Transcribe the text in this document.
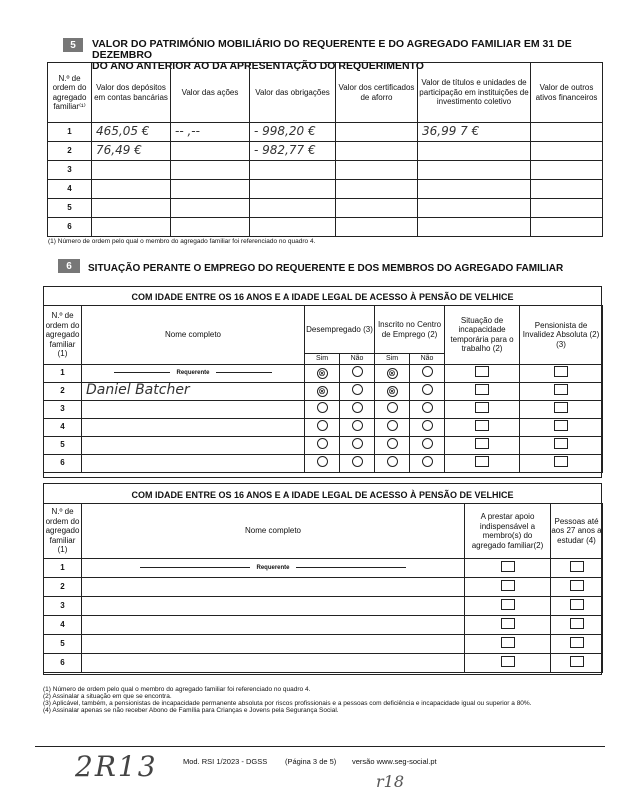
5	VALOR DO PATRIMÓNIO MOBILIÁRIO DO REQUERENTE E DO AGREGADO FAMILIAR EM 31 DE DEZEMBRO
DO ANO ANTERIOR AO DA APRESENTAÇÃO DO REQUERIMENTO
N.º de ordem do agregado familiar⁽¹⁾	Valor dos depósitos em contas bancárias	Valor das ações	Valor das obrigações	Valor dos certificados de aforro	Valor de títulos e unidades de participação em instituições de investimento coletivo	Valor de outros ativos financeiros
1	465,05 €	-- ,--	- 998,20 €		36,99 7 €	
2	76,49 €		- 982,77 €			
3						
4						
5						
6						
(1) Número de ordem pelo qual o membro do agregado familiar foi referenciado no quadro 4.
6	SITUAÇÃO PERANTE O EMPREGO DO REQUERENTE E DOS MEMBROS DO AGREGADO FAMILIAR
COM IDADE ENTRE OS 16 ANOS E A IDADE LEGAL DE ACESSO À PENSÃO DE VELHICE
N.º de ordem do agregado familiar (1)	Nome completo	Desempregado (3)		Inscrito no Centro de Emprego (2)		Situação de incapacidade temporária para o trabalho (2)	Pensionista de Invalidez Absoluta (2) (3)
		Sim	Não	Sim	Não		
1	Requerente	⊗		⊗			
2	Daniel Batcher	⊗		⊗			
3							
4							
5							
6							
COM IDADE ENTRE OS 16 ANOS E A IDADE LEGAL DE ACESSO À PENSÃO DE VELHICE
N.º de ordem do agregado familiar (1)	Nome completo	A prestar apoio indispensável a membro(s) do agregado familiar(2)	Pessoas até aos 27 anos a estudar (4)
1	Requerente		
2			
3			
4			
5			
6			
(1) Número de ordem pelo qual o membro do agregado familiar foi referenciado no quadro 4.
(2) Assinalar a situação em que se encontra.
(3) Aplicável, também, a pensionistas de incapacidade permanente absoluta por riscos profissionais e a pessoas com deficiência e incapacidade igual ou superior a 80%.
(4) Assinalar apenas se não receber Abono de Família para Crianças e Jovens pela Segurança Social.
2R13	Mod. RSI 1/2023 - DGSS (Página 3 de 5) versão www.seg-social.pt
r18
